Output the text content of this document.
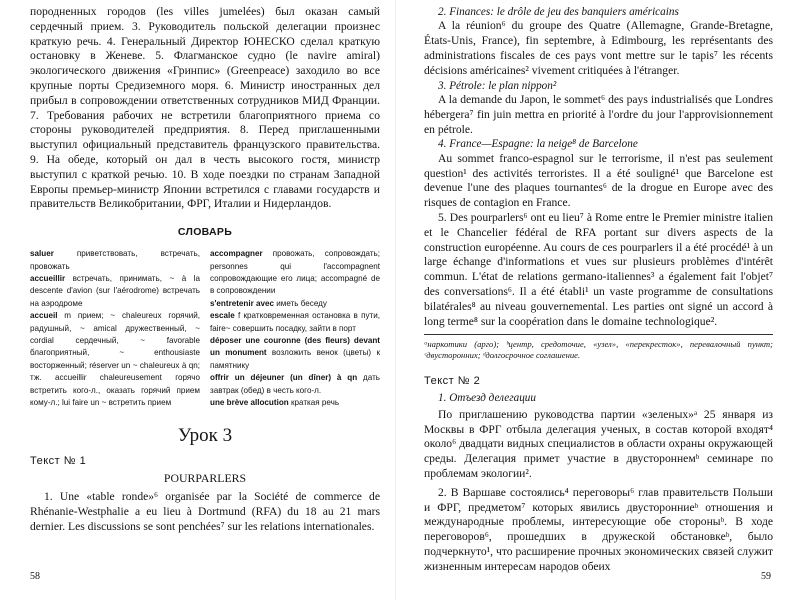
породненных городов (les villes jumelées) был оказан самый сердечный прием. 3. Руководитель польской делегации произнес краткую речь. 4. Генеральный Директор ЮНЕСКО сделал краткую остановку в Женеве. 5. Флагманское судно (le navire amiral) экологического движения «Гринпис» (Greenpeace) заходило во все крупные порты Средиземного моря. 6. Министр иностранных дел прибыл в сопровождении ответственных сотрудников МИД Франции. 7. Требования рабочих не встретили благоприятного приема со стороны руководителей предприятия. 8. Перед приглашенными выступил официальный представитель французского правительства. 9. На обеде, который он дал в честь высокого гостя, министр выступил с краткой речью. 10. В ходе поездки по странам Западной Европы премьер-министр Японии встретился с главами государств и правительств Великобритании, ФРГ, Италии и Нидерландов.

СЛОВАРЬ

saluer приветствовать, встречать, провожать

accueillir встречать, принимать, ~ à la descente d'avion (sur l'aérodrome) встречать на аэродроме

accueil m прием; ~ chaleureux горячий, радушный, ~ amical дружественный, ~ cordial сердечный, ~ favorable благоприятный, ~ enthousiaste восторженный; réserver un ~ chaleureux à qn; тж. accueillir chaleureusement горячо встретить кого-л., оказать горячий прием кому-л.; lui faire un ~ встретить прием

accompagner провожать, сопровождать; personnes qui l'accompagnent сопровождающие его лица; accompagné de в сопровождении

s'entretenir avec иметь беседу

escale f кратковременная остановка в пути, faire~ совершить посадку, зайти в порт

déposer une couronne (des fleurs) devant un monument возложить венок (цветы) к памятнику

offrir un déjeuner (un dîner) à qn дать завтрак (обед) в честь кого-л.

une brève allocution краткая речь

Урок 3
Текст № 1
POURPARLERS

1. Une «table ronde»⁶ organisée par la Société de commerce de Rhénanie-Westphalie a eu lieu à Dortmund (RFA) du 18 au 21 mars dernier. Les discussions se sont penchées⁷ sur les relations internationales.

58

2. Finances: le drôle de jeu des banquiers américains

A la réunion⁶ du groupe des Quatre (Allemagne, Grande-Bretagne, États-Unis, France), fin septembre, à Edimbourg, les représentants des administrations fiscales de ces pays vont mettre sur le tapis⁷ les récents décisions américaines² vivement critiquées à l'étranger.

3. Pétrole: le plan nippon²

A la demande du Japon, le sommet⁶ des pays industrialisés que Londres hébergera⁷ fin juin mettra en priorité à l'ordre du jour l'approvisionnement en pétrole.

4. France—Espagne: la neige⁸ de Barcelone

Au sommet franco-espagnol sur le terrorisme, il n'est pas seulement question¹ des activités terroristes. Il a été souligné¹ que Barcelone est devenue l'une des plaques tournantes⁶ de la drogue en Europe avec des risques de contagion en France.

5. Des pourparlers⁶ ont eu lieu⁷ à Rome entre le Premier ministre italien et le Chancelier fédéral de RFA portant sur divers aspects de la construction européenne. Au cours de ces pourparlers il a été procédé¹ à un large échange d'informations et vues sur plusieurs problèmes d'intérêt commun. L'état de relations germano-italiennes³ a également fait l'objet⁷ des conversations⁶. Il a été établi¹ un vaste programme de consultations bilatérales⁸ au niveau gouvernemental. Les parties ont signé un accord à long terme⁸ sur la coopération dans le domaine technologique².

ᵃнаркотики (арго); ᵇцентр, средоточие, «узел», «перекресток», перевалочный пункт; ᶜдвусторонних; ᵈдолгосрочное соглашение.

Текст № 2

1. Отъезд делегации

По приглашению руководства партии «зеленых»ᵃ 25 января из Москвы в ФРГ отбыла делегация ученых, в состав которой входят⁴ около⁶ двадцати видных специалистов в области охраны окружающей среды. Делегация примет участие в двустороннемᵇ семинаре по проблемам экологии².

2. В Варшаве состоялись⁴ переговоры⁶ глав правительств Польши и ФРГ, предметом⁷ которых явились двусторонниеᵇ отношения и международные проблемы, интересующие обе стороныᵇ. В ходе переговоров⁶, прошедших в дружеской обстановкеᵇ, было подчеркнуто¹, что расширение прочных экономических связей служит жизненным интересам народов обеих

59
